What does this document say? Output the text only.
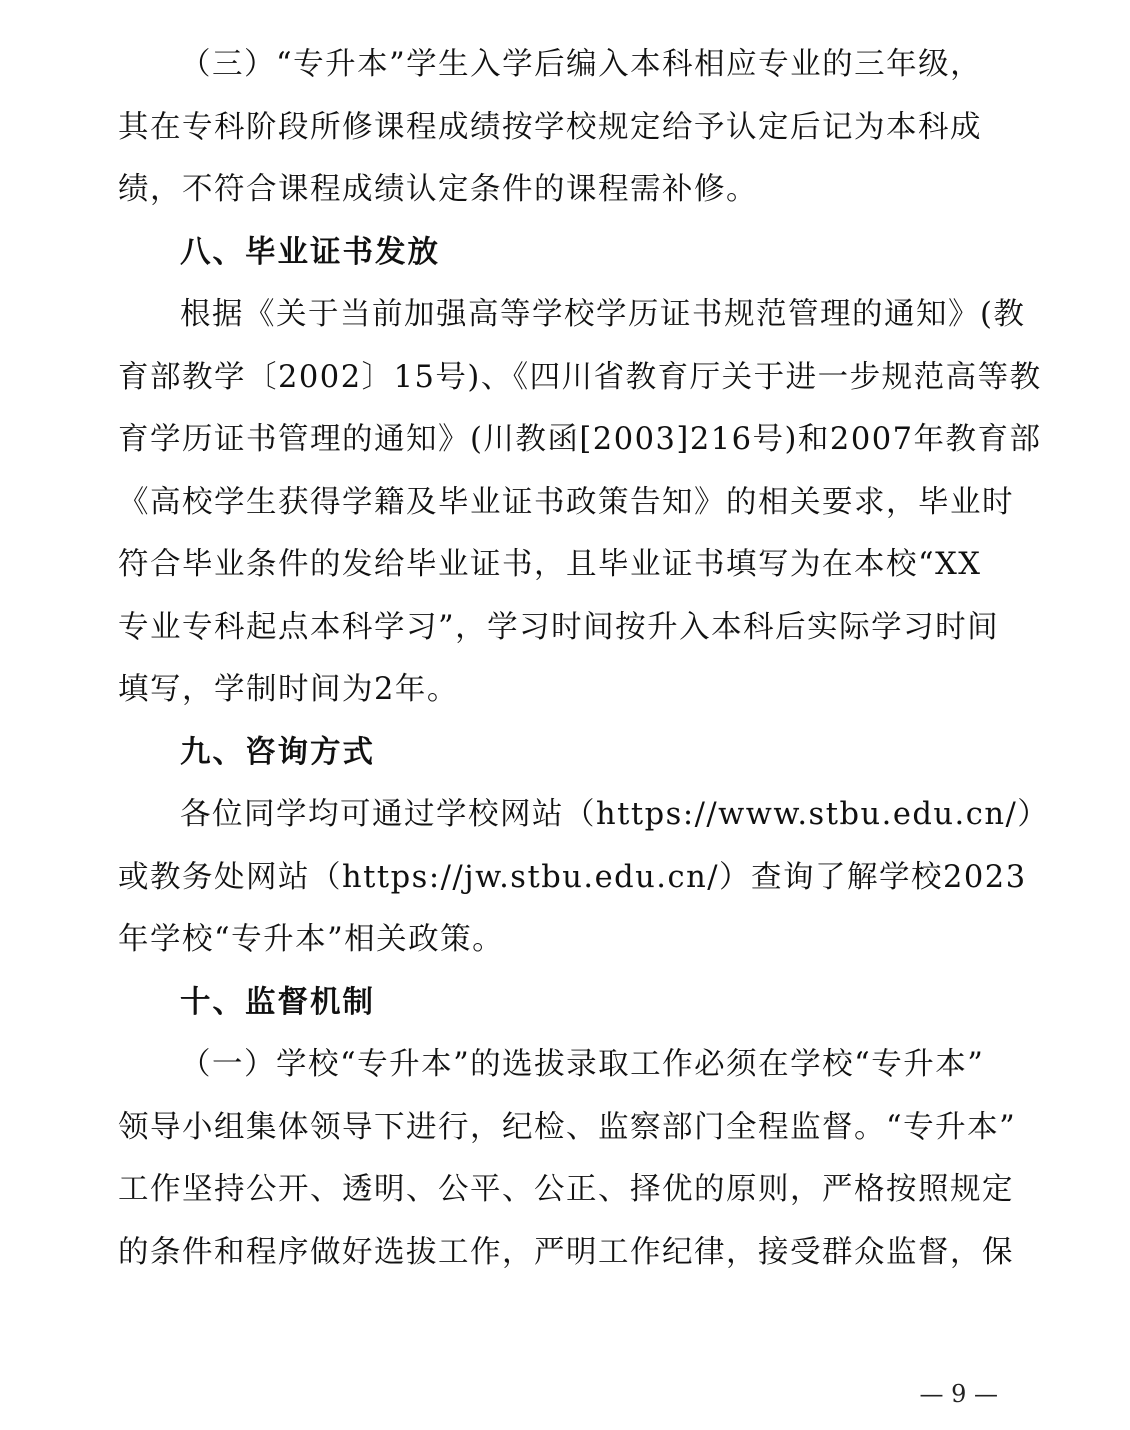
（三）“专升本”学生入学后编入本科相应专业的三年级，
其在专科阶段所修课程成绩按学校规定给予认定后记为本科成
绩，不符合课程成绩认定条件的课程需补修。
八、毕业证书发放
根据《关于当前加强高等学校学历证书规范管理的通知》(教
育部教学〔2002〕15号)、《四川省教育厅关于进一步规范高等教
育学历证书管理的通知》(川教函[2003]216号)和2007年教育部
《高校学生获得学籍及毕业证书政策告知》的相关要求，毕业时
符合毕业条件的发给毕业证书，且毕业证书填写为在本校“XX
专业专科起点本科学习”，学习时间按升入本科后实际学习时间
填写，学制时间为2年。
九、咨询方式
各位同学均可通过学校网站（https://www.stbu.edu.cn/）
或教务处网站（https://jw.stbu.edu.cn/）查询了解学校2023
年学校“专升本”相关政策。
十、监督机制
（一）学校“专升本”的选拔录取工作必须在学校“专升本”
领导小组集体领导下进行，纪检、监察部门全程监督。“专升本”
工作坚持公开、透明、公平、公正、择优的原则，严格按照规定
的条件和程序做好选拔工作，严明工作纪律，接受群众监督，保
— 9 —
